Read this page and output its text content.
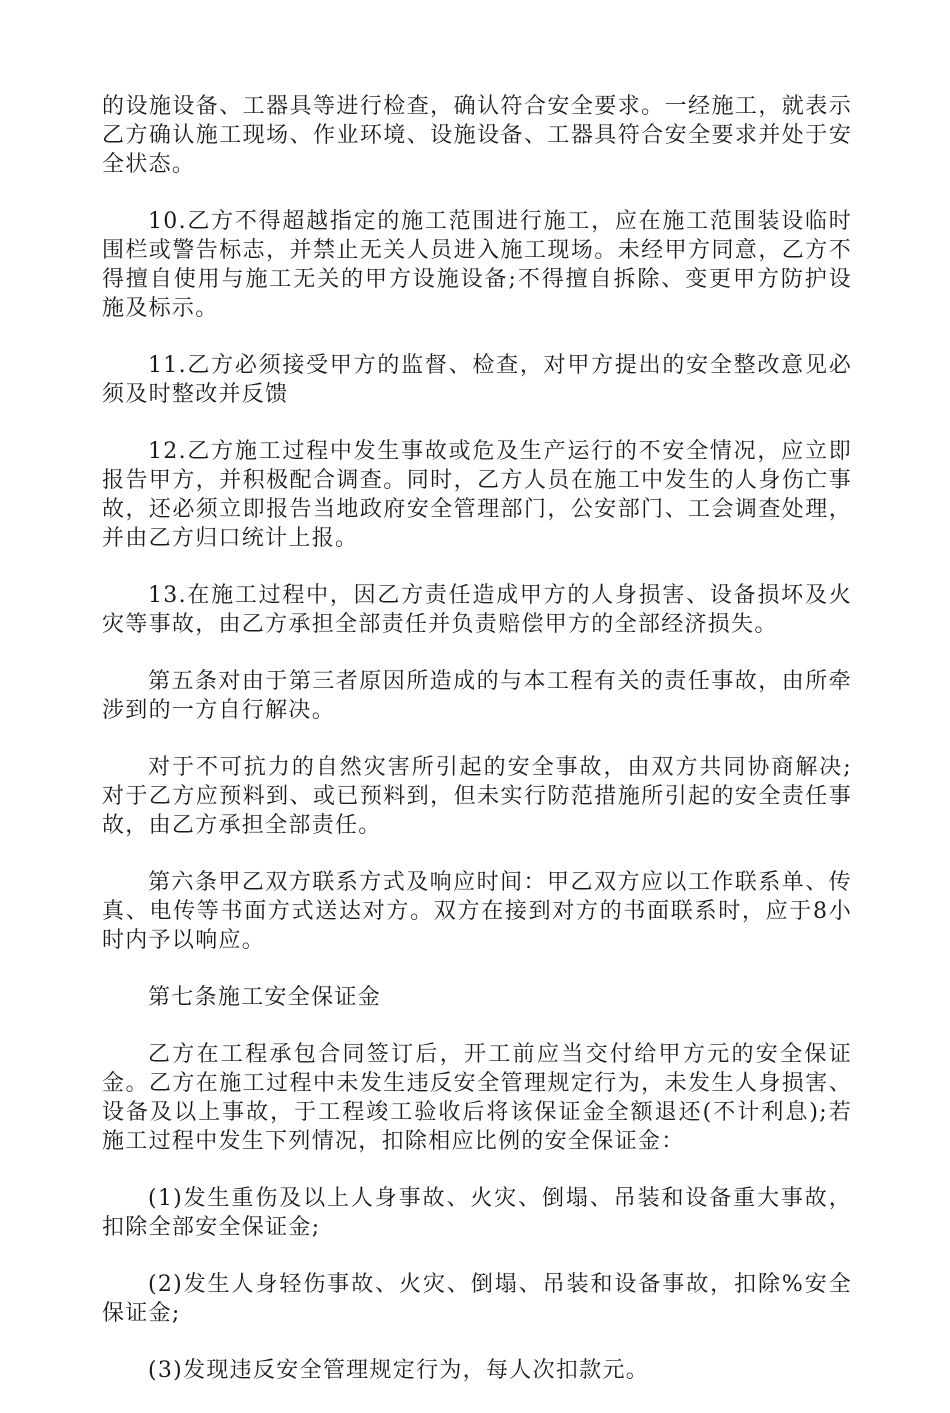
的设施设备、工器具等进行检查，确认符合安全要求。一经施工，就表示乙方确认施工现场、作业环境、设施设备、工器具符合安全要求并处于安全状态。

10.乙方不得超越指定的施工范围进行施工，应在施工范围装设临时围栏或警告标志，并禁止无关人员进入施工现场。未经甲方同意，乙方不得擅自使用与施工无关的甲方设施设备;不得擅自拆除、变更甲方防护设施及标示。

11.乙方必须接受甲方的监督、检查，对甲方提出的安全整改意见必须及时整改并反馈

12.乙方施工过程中发生事故或危及生产运行的不安全情况，应立即报告甲方，并积极配合调查。同时，乙方人员在施工中发生的人身伤亡事故，还必须立即报告当地政府安全管理部门，公安部门、工会调查处理，并由乙方归口统计上报。

13.在施工过程中，因乙方责任造成甲方的人身损害、设备损坏及火灾等事故，由乙方承担全部责任并负责赔偿甲方的全部经济损失。

第五条对由于第三者原因所造成的与本工程有关的责任事故，由所牵涉到的一方自行解决。

对于不可抗力的自然灾害所引起的安全事故，由双方共同协商解决;对于乙方应预料到、或已预料到，但未实行防范措施所引起的安全责任事故，由乙方承担全部责任。

第六条甲乙双方联系方式及响应时间：甲乙双方应以工作联系单、传真、电传等书面方式送达对方。双方在接到对方的书面联系时，应于8小时内予以响应。

第七条施工安全保证金

乙方在工程承包合同签订后，开工前应当交付给甲方元的安全保证金。乙方在施工过程中未发生违反安全管理规定行为，未发生人身损害、设备及以上事故，于工程竣工验收后将该保证金全额退还(不计利息);若施工过程中发生下列情况，扣除相应比例的安全保证金：

(1)发生重伤及以上人身事故、火灾、倒塌、吊装和设备重大事故，扣除全部安全保证金;

(2)发生人身轻伤事故、火灾、倒塌、吊装和设备事故，扣除%安全保证金;

(3)发现违反安全管理规定行为，每人次扣款元。
